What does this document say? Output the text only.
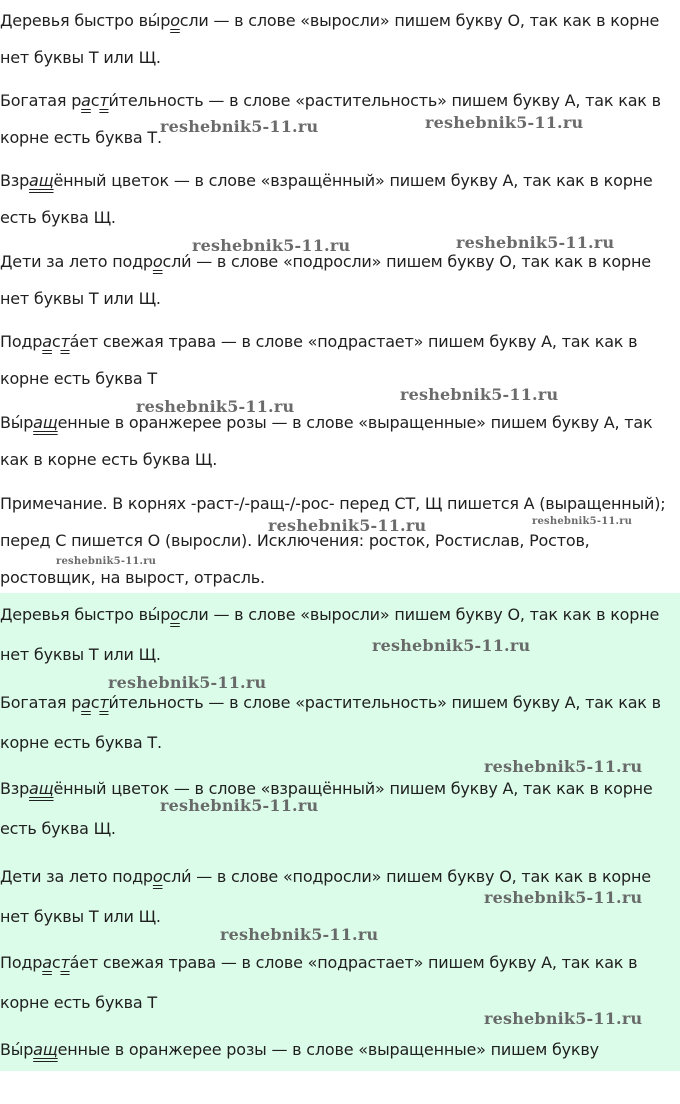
Деревья быстро вы́росли — в слове «выросли» пишем букву О, так как в корне нет буквы Т или Щ.

Богатая расти́тельность — в слове «растительность» пишем букву А, так как в корне есть буква Т.

Взращённый цветок — в слове «взращённый» пишем букву А, так как в корне есть буква Щ.

Дети за лето подросли́ — в слове «подросли» пишем букву О, так как в корне нет буквы Т или Щ.

Подраста́ет свежая трава — в слове «подрастает» пишем букву А, так как в корне есть буква Т

Вы́ращенные в оранжерее розы — в слове «выращенные» пишем букву А, так как в корне есть буква Щ.

Примечание. В корнях -раст-/-ращ-/-рос- перед СТ, Щ пишется А (выращенный); перед С пишется О (выросли). Исключения: росток, Ростислав, Ростов, ростовщик, на вырост, отрасль.

Деревья быстро вы́росли — в слове «выросли» пишем букву О, так как в корне нет буквы Т или Щ.

Богатая расти́тельность — в слове «растительность» пишем букву А, так как в корне есть буква Т.

Взращённый цветок — в слове «взращённый» пишем букву А, так как в корне есть буква Щ.

Дети за лето подросли́ — в слове «подросли» пишем букву О, так как в корне нет буквы Т или Щ.

Подраста́ет свежая трава — в слове «подрастает» пишем букву А, так как в корне есть буква Т

Вы́ращенные в оранжерее розы — в слове «выращенные» пишем букву

reshebnik5-11.ru	reshebnik5-11.ru
reshebnik5-11.ru	reshebnik5-11.ru
reshebnik5-11.ru
reshebnik5-11.ru
reshebnik5-11.ru	reshebnik5-11.ru
reshebnik5-11.ru
reshebnik5-11.ru
reshebnik5-11.ru
reshebnik5-11.ru
reshebnik5-11.ru
reshebnik5-11.ru
reshebnik5-11.ru
reshebnik5-11.ru
